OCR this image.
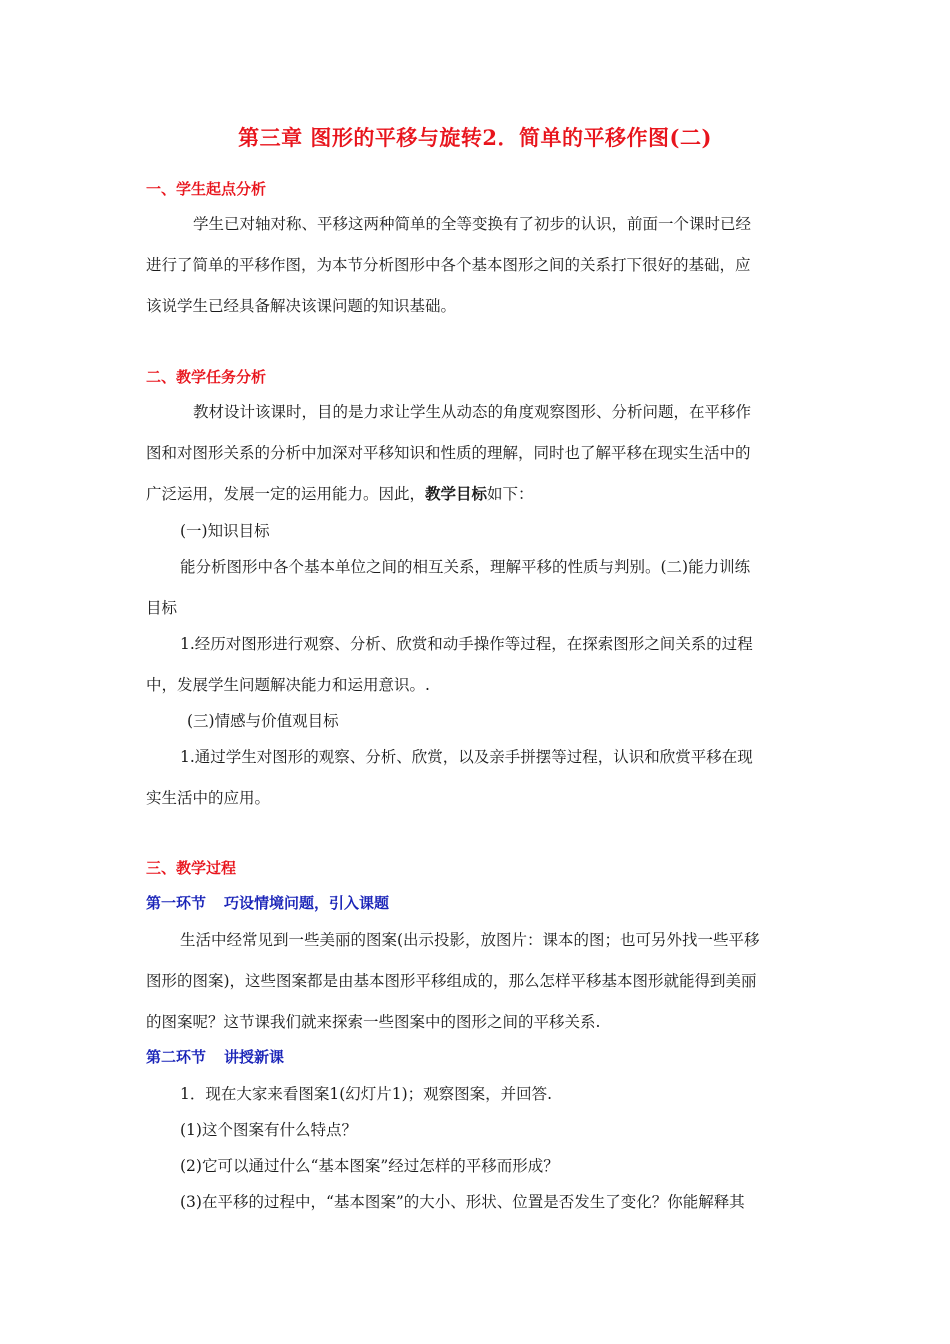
第三章 图形的平移与旋转2．简单的平移作图(二)
一、学生起点分析
学生已对轴对称、平移这两种简单的全等变换有了初步的认识，前面一个课时已经
进行了简单的平移作图，为本节分析图形中各个基本图形之间的关系打下很好的基础，应
该说学生已经具备解决该课问题的知识基础。
二、教学任务分析
教材设计该课时，目的是力求让学生从动态的角度观察图形、分析问题，在平移作
图和对图形关系的分析中加深对平移知识和性质的理解，同时也了解平移在现实生活中的
广泛运用，发展一定的运用能力。因此，教学目标如下：
(一)知识目标
能分析图形中各个基本单位之间的相互关系，理解平移的性质与判别。(二)能力训练
目标
1.经历对图形进行观察、分析、欣赏和动手操作等过程，在探索图形之间关系的过程
中，发展学生问题解决能力和运用意识。.
(三)情感与价值观目标
1.通过学生对图形的观察、分析、欣赏，以及亲手拼摆等过程，认识和欣赏平移在现
实生活中的应用。
三、教学过程
第一环节 巧设情境问题，引入课题
生活中经常见到一些美丽的图案(出示投影，放图片：课本的图；也可另外找一些平移
图形的图案)，这些图案都是由基本图形平移组成的，那么怎样平移基本图形就能得到美丽
的图案呢？这节课我们就来探索一些图案中的图形之间的平移关系.
第二环节 讲授新课
1．现在大家来看图案1(幻灯片1)；观察图案，并回答.
(1)这个图案有什么特点？
(2)它可以通过什么“基本图案”经过怎样的平移而形成？
(3)在平移的过程中，“基本图案”的大小、形状、位置是否发生了变化？你能解释其
